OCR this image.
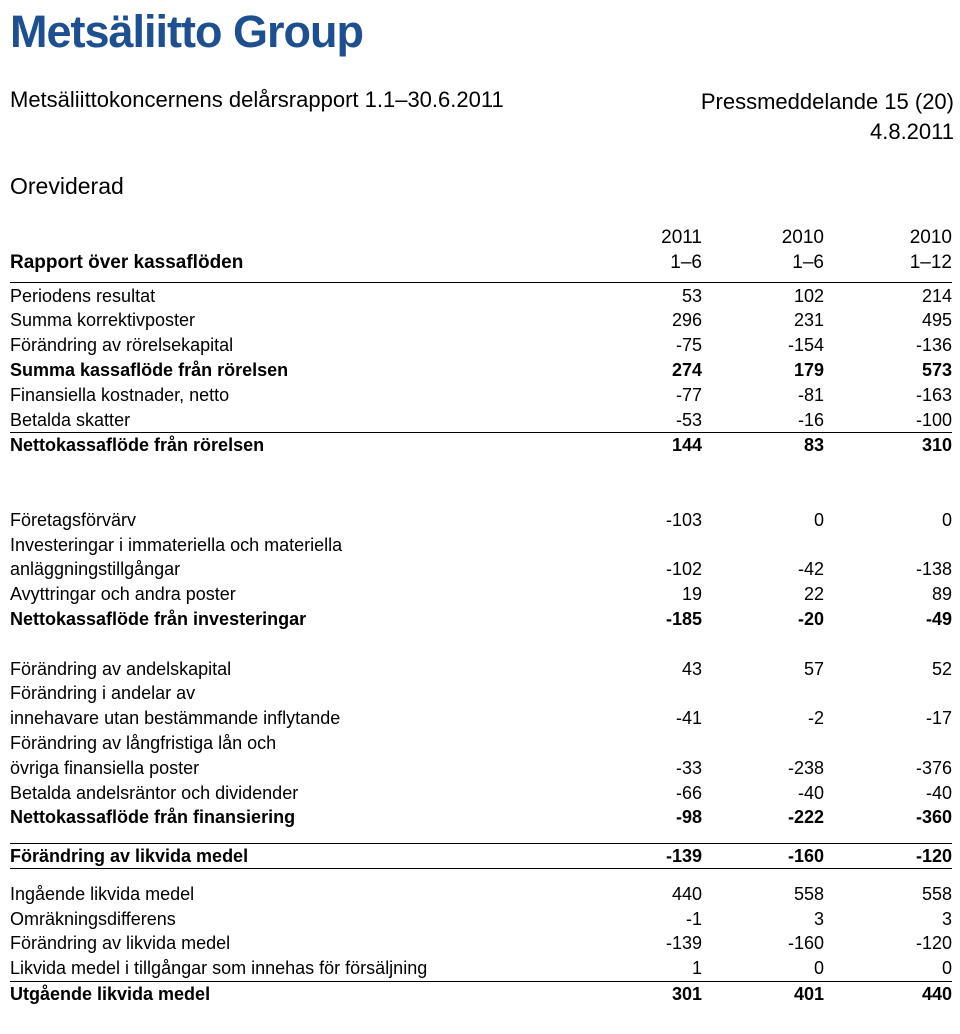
Metsäliitto Group
Metsäliittokoncernens delårsrapport 1.1–30.6.2011	Pressmeddelande 15 (20)
4.8.2011
Oreviderad
2011	2010	2010
Rapport över kassaflöden	1–6	1–6	1–12
Periodens resultat	53	102	214
Summa korrektivposter	296	231	495
Förändring av rörelsekapital	-75	-154	-136
Summa kassaflöde från rörelsen	274	179	573
Finansiella kostnader, netto	-77	-81	-163
Betalda skatter	-53	-16	-100
Nettokassaflöde från rörelsen	144	83	310
Företagsförvärv	-103	0	0
Investeringar i immateriella och materiella
anläggningstillgångar	-102	-42	-138
Avyttringar och andra poster	19	22	89
Nettokassaflöde från investeringar	-185	-20	-49
Förändring av andelskapital	43	57	52
Förändring i andelar av
innehavare utan bestämmande inflytande	-41	-2	-17
Förändring av långfristiga lån och
övriga finansiella poster	-33	-238	-376
Betalda andelsräntor och dividender	-66	-40	-40
Nettokassaflöde från finansiering	-98	-222	-360
Förändring av likvida medel	-139	-160	-120
Ingående likvida medel	440	558	558
Omräkningsdifferens	-1	3	3
Förändring av likvida medel	-139	-160	-120
Likvida medel i tillgångar som innehas för försäljning	1	0	0
Utgående likvida medel	301	401	440
